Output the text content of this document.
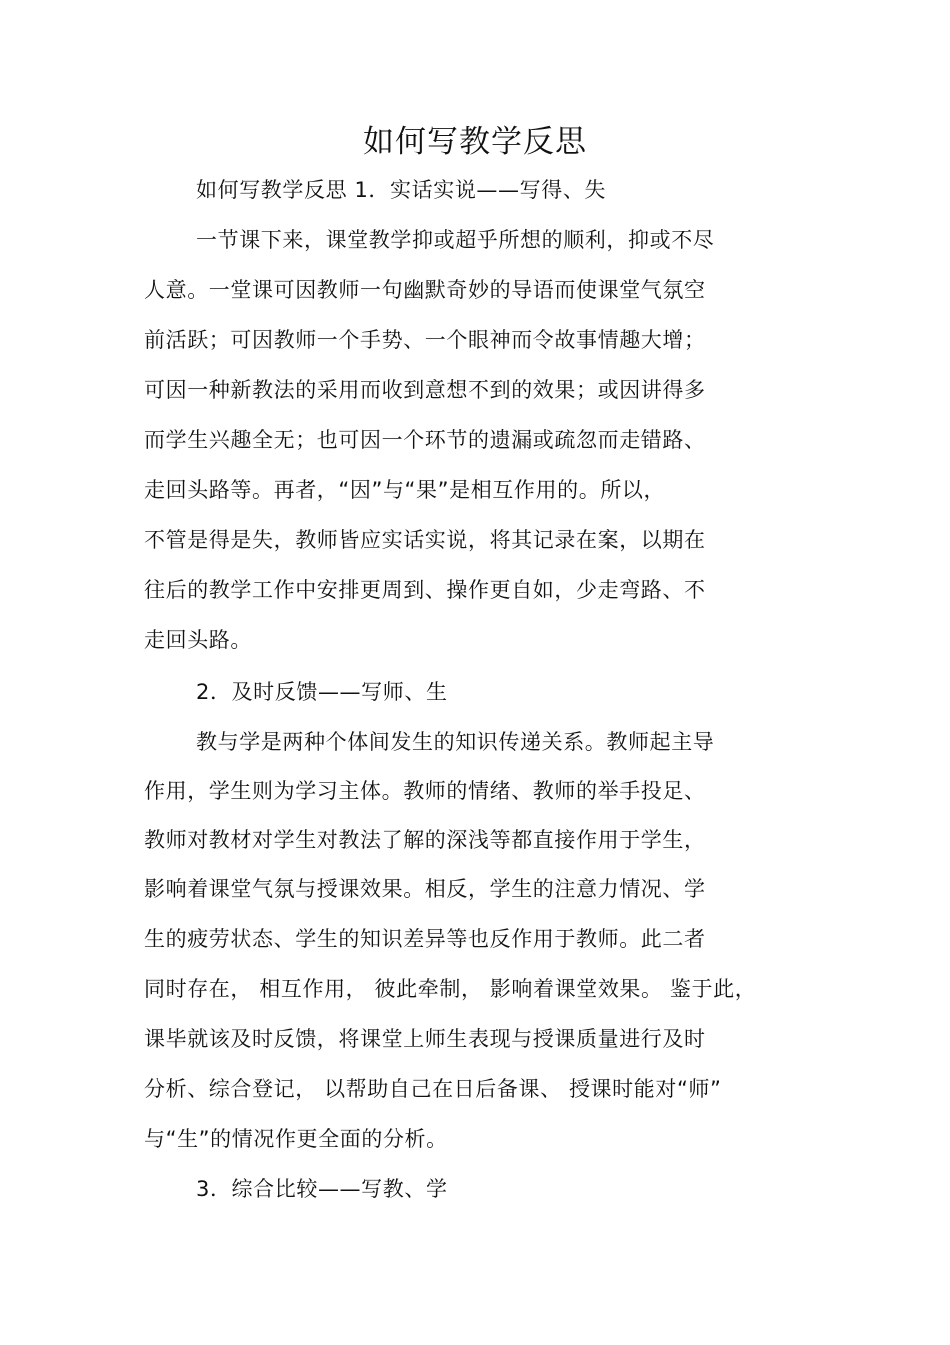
如何写教学反思
如何写教学反思 1．实话实说——写得、失
一节课下来，课堂教学抑或超乎所想的顺利，抑或不尽
人意。一堂课可因教师一句幽默奇妙的导语而使课堂气氛空
前活跃；可因教师一个手势、一个眼神而令故事情趣大增；
可因一种新教法的采用而收到意想不到的效果；或因讲得多
而学生兴趣全无；也可因一个环节的遗漏或疏忽而走错路、
走回头路等。再者，“因”与“果”是相互作用的。所以，
不管是得是失，教师皆应实话实说，将其记录在案，以期在
往后的教学工作中安排更周到、操作更自如，少走弯路、不
走回头路。
2．及时反馈——写师、生
教与学是两种个体间发生的知识传递关系。教师起主导
作用，学生则为学习主体。教师的情绪、教师的举手投足、
教师对教材对学生对教法了解的深浅等都直接作用于学生，
影响着课堂气氛与授课效果。相反，学生的注意力情况、学
生的疲劳状态、学生的知识差异等也反作用于教师。此二者
同时存在， 相互作用， 彼此牵制， 影响着课堂效果。 鉴于此，
课毕就该及时反馈，将课堂上师生表现与授课质量进行及时
分析、综合登记， 以帮助自己在日后备课、 授课时能对“师”
与“生”的情况作更全面的分析。
3．综合比较——写教、学
